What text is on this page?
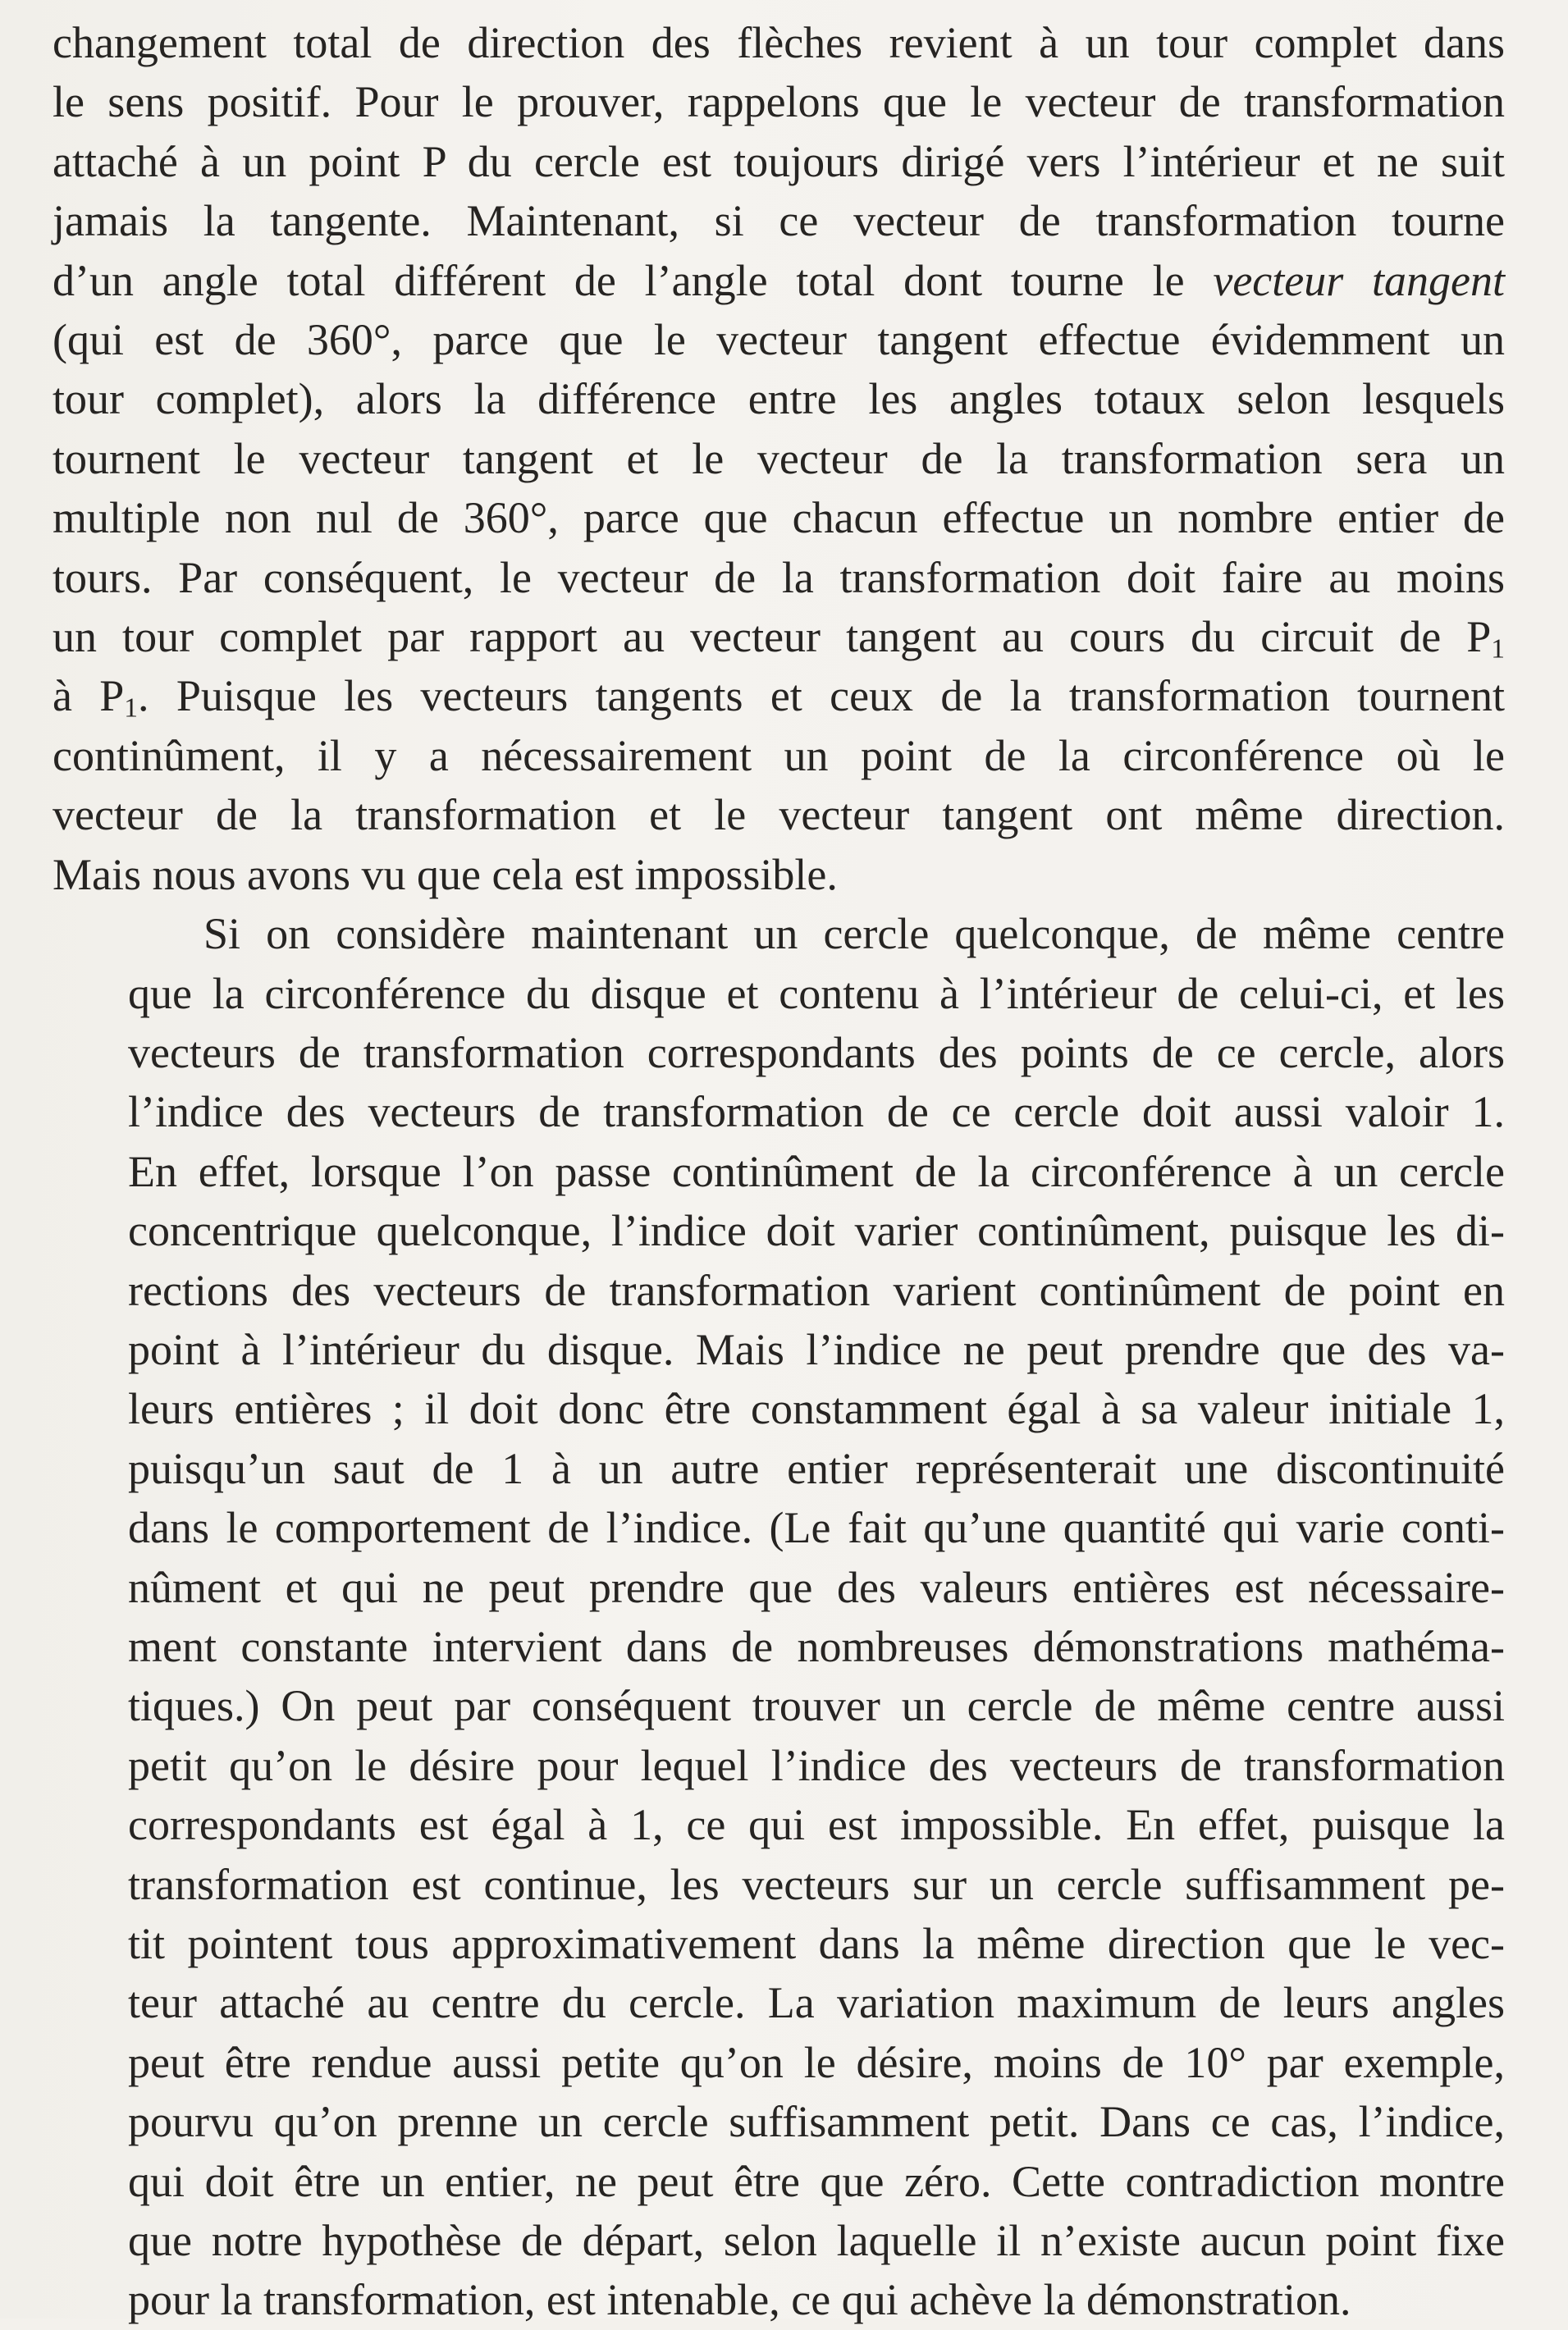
changement total de direction des flèches revient à un tour complet dans
le sens positif. Pour le prouver, rappelons que le vecteur de transformation
attaché à un point P du cercle est toujours dirigé vers l’intérieur et ne suit
jamais la tangente. Maintenant, si ce vecteur de transformation tourne
d’un angle total différent de l’angle total dont tourne le vecteur tangent
(qui est de 360°, parce que le vecteur tangent effectue évidemment un
tour complet), alors la différence entre les angles totaux selon lesquels
tournent le vecteur tangent et le vecteur de la transformation sera un
multiple non nul de 360°, parce que chacun effectue un nombre entier de
tours. Par conséquent, le vecteur de la transformation doit faire au moins
un tour complet par rapport au vecteur tangent au cours du circuit de $P_1$
à $P_1$. Puisque les vecteurs tangents et ceux de la transformation tournent
continûment, il y a nécessairement un point de la circonférence où le
vecteur de la transformation et le vecteur tangent ont même direction.
Mais nous avons vu que cela est impossible.
Si on considère maintenant un cercle quelconque, de même centre
que la circonférence du disque et contenu à l’intérieur de celui-ci, et les
vecteurs de transformation correspondants des points de ce cercle, alors
l’indice des vecteurs de transformation de ce cercle doit aussi valoir 1.
En effet, lorsque l’on passe continûment de la circonférence à un cercle
concentrique quelconque, l’indice doit varier continûment, puisque les di-
rections des vecteurs de transformation varient continûment de point en
point à l’intérieur du disque. Mais l’indice ne peut prendre que des va-
leurs entières ; il doit donc être constamment égal à sa valeur initiale 1,
puisqu’un saut de 1 à un autre entier représenterait une discontinuité
dans le comportement de l’indice. (Le fait qu’une quantité qui varie conti-
nûment et qui ne peut prendre que des valeurs entières est nécessaire-
ment constante intervient dans de nombreuses démonstrations mathéma-
tiques.) On peut par conséquent trouver un cercle de même centre aussi
petit qu’on le désire pour lequel l’indice des vecteurs de transformation
correspondants est égal à 1, ce qui est impossible. En effet, puisque la
transformation est continue, les vecteurs sur un cercle suffisamment pe-
tit pointent tous approximativement dans la même direction que le vec-
teur attaché au centre du cercle. La variation maximum de leurs angles
peut être rendue aussi petite qu’on le désire, moins de 10° par exemple,
pourvu qu’on prenne un cercle suffisamment petit. Dans ce cas, l’indice,
qui doit être un entier, ne peut être que zéro. Cette contradiction montre
que notre hypothèse de départ, selon laquelle il n’existe aucun point fixe
pour la transformation, est intenable, ce qui achève la démonstration.
